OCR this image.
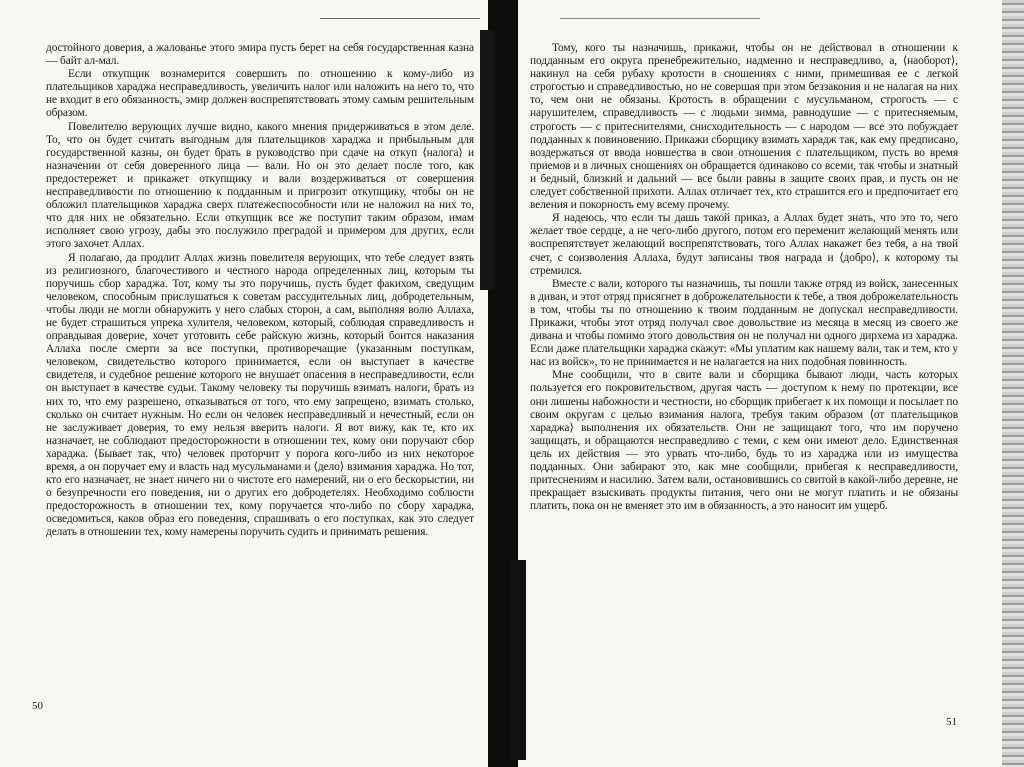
достойного доверия, а жалованье этого эмира пусть берет на себя государственная казна — байт ал-мал.

Если откупщик вознамерится совершить по отношению к кому-либо из плательщиков хараджа несправедливость, увеличить налог или наложить на него то, что не входит в его обязанность, эмир должен воспрепятствовать этому самым решительным образом.

Повелителю верующих лучше видно, какого мнения придерживаться в этом деле. То, что он будет считать выгодным для плательщиков хараджа и прибыльным для государственной казны, он будет брать в руководство при сдаче на откуп ⟨налога⟩ и назначении от себя доверенного лица — вали. Но он это делает после того, как предостережет и прикажет откупщику и вали воздерживаться от совершения несправедливости по отношению к подданным и пригрозит откупщику, чтобы он не обложил плательщиков хараджа сверх платежеспособности или не наложил на них то, что для них не обязательно. Если откупщик все же поступит таким образом, имам исполняет свою угрозу, дабы это послужило преградой и примером для других, если этого захочет Аллах.

Я полагаю, да продлит Аллах жизнь повелителя верующих, что тебе следует взять из религиозного, благочестивого и честного народа определенных лиц, которым ты поручишь сбор хараджа. Тот, кому ты это поручишь, пусть будет факихом, сведущим человеком, способным прислушаться к советам рассудительных лиц, добродетельным, чтобы люди не могли обнаружить у него слабых сторон, а сам, выполняя волю Аллаха, не будет страшиться упрека хулителя, человеком, который, соблюдая справедливость и оправдывая доверие, хочет уготовить себе райскую жизнь, который боится наказания Аллаха после смерти за все поступки, противоречащие ⟨указанным поступкам, человеком, свидетельство которого принимается, если он выступает в качестве свидетеля, и судебное решение которого не внушает опасения в несправедливости, если он выступает в качестве судьи. Такому человеку ты поручишь взимать налоги, брать из них то, что ему разрешено, отказываться от того, что ему запрещено, взимать столько, сколько он считает нужным. Но если он человек несправедливый и нечестный, если он не заслуживает доверия, то ему нельзя вверить налоги. Я вот вижу, как те, кто их назначает, не соблюдают предосторожности в отношении тех, кому они поручают сбор хараджа. ⟨Бывает так, что⟩ человек проторчит у порога кого-либо из них некоторое время, а он поручает ему и власть над мусульманами и ⟨дело⟩ взимания хараджа. Но тот, кто его назначает, не знает ничего ни о чистоте его намерений, ни о его бескорыстии, ни о безупречности его поведения, ни о других его добродетелях. Необходимо соблюсти предосторожность в отношении тех, кому поручается что-либо по сбору хараджа, осведомиться, каков образ его поведения, спрашивать о его поступках, как это следует делать в отношении тех, кому намерены поручить судить и принимать решения.

50

Тому, кого ты назначишь, прикажи, чтобы он не действовал в отношении к подданным его округа пренебрежительно, надменно и несправедливо, а, ⟨наоборот⟩, накинул на себя рубаху кротости в сношениях с ними, примешивая ее с легкой строгостью и справедливостью, но не совершая при этом беззакония и не налагая на них то, чем они не обязаны. Кротость в обращении с мусульманом, строгость — с нарушителем, справедливость — с людьми зимма, равнодушие — с притесняемым, строгость — с притеснителями, снисходительность — с народом — все это побуждает подданных к повиновению. Прикажи сборщику взимать харадж так, как ему предписано, воздержаться от ввода новшества в свои отношения с плательщиком, пусть во время приемов и в личных сношениях он обращается одинаково со всеми, так чтобы и знатный и бедный, близкий и дальний — все были равны в защите своих прав, и пусть он не следует собственной прихоти. Аллах отличает тех, кто страшится его и предпочитает его веления и покорность ему всему прочему.

Я надеюсь, что если ты дашь такой приказ, а Аллах будет знать, что это то, чего желает твое сердце, а не чего-либо другого, потом его переменит желающий менять или воспрепятствует желающий воспрепятствовать, того Аллах накажет без тебя, а на твой счет, с соизволения Аллаха, будут записаны твоя награда и ⟨добро⟩, к которому ты стремился.

Вместе с вали, которого ты назначишь, ты пошли также отряд из войск, занесенных в диван, и этот отряд присягнет в доброжелательности к тебе, а твоя доброжелательность в том, чтобы ты по отношению к твоим подданным не допускал несправедливости. Прикажи, чтобы этот отряд получал свое довольствие из месяца в месяц из своего же дивана и чтобы помимо этого довольствия он не получал ни одного дирхема из хараджа. Если даже плательщики хараджа скажут: «Мы уплатим как нашему вали, так и тем, кто у нас из войск», то не принимается и не налагается на них подобная повинность.

Мне сообщили, что в свите вали и сборщика бывают люди, часть которых пользуется его покровительством, другая часть — доступом к нему по протекции, все они лишены набожности и честности, но сборщик прибегает к их помощи и посылает по своим округам с целью взимания налога, требуя таким образом ⟨от плательщиков хараджа⟩ выполнения их обязательств. Они не защищают того, что им поручено защищать, и обращаются несправедливо с теми, с кем они имеют дело. Единственная цель их действия — это урвать что-либо, будь то из хараджа или из имущества подданных. Они забирают это, как мне сообщили, прибегая к несправедливости, притеснениям и насилию. Затем вали, остановившись со свитой в какой-либо деревне, не прекращает взыскивать продукты питания, чего они не могут платить и не обязаны платить, пока он не вменяет это им в обязанность, а это наносит им ущерб.

51
